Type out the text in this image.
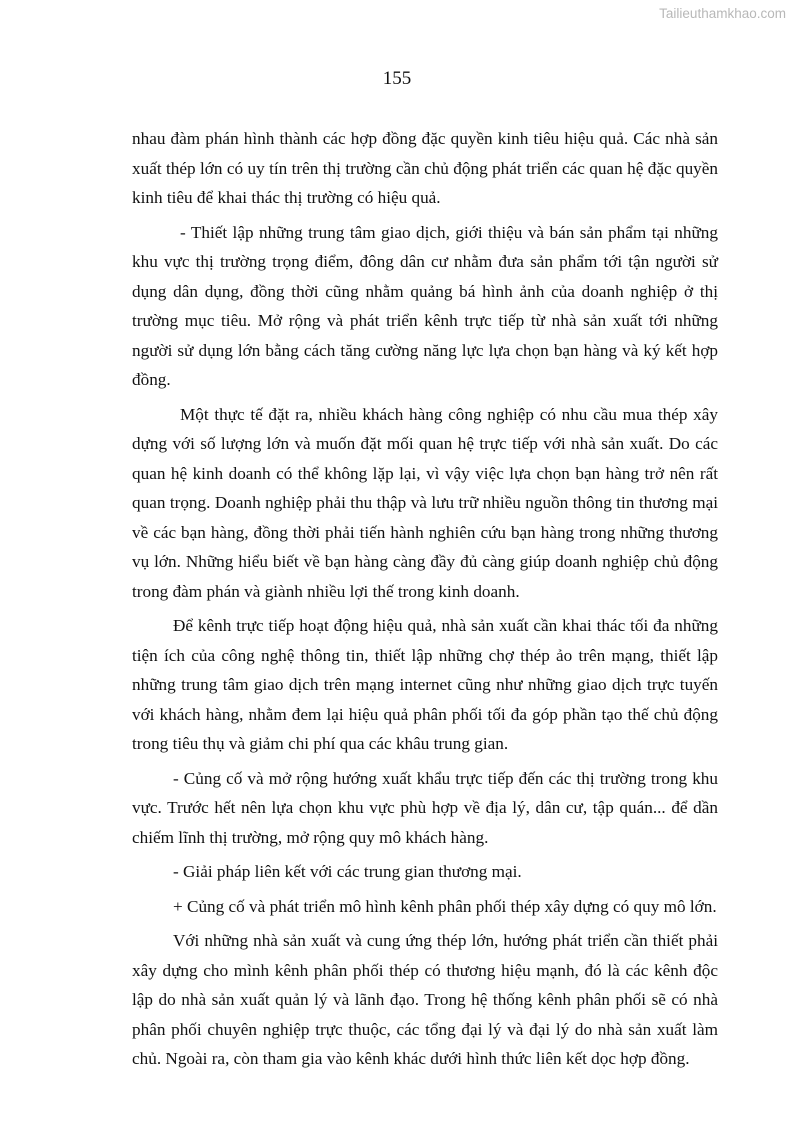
Tailieuthamkhao.com
155

nhau đàm phán hình thành các hợp đồng đặc quyền kinh tiêu hiệu quả. Các nhà sản xuất thép lớn có uy tín trên thị trường cần chủ động phát triển các quan hệ đặc quyền kinh tiêu để khai thác thị trường có hiệu quả.

- Thiết lập những trung tâm giao dịch, giới thiệu và bán sản phẩm tại những khu vực thị trường trọng điểm, đông dân cư nhằm đưa sản phẩm tới tận người sử dụng dân dụng, đồng thời cũng nhằm quảng bá hình ảnh của doanh nghiệp ở thị trường mục tiêu. Mở rộng và phát triển kênh trực tiếp từ nhà sản xuất tới những người sử dụng lớn bằng cách tăng cường năng lực lựa chọn bạn hàng và ký kết hợp đồng.

Một thực tế đặt ra, nhiều khách hàng công nghiệp có nhu cầu mua thép xây dựng với số lượng lớn và muốn đặt mối quan hệ trực tiếp với nhà sản xuất. Do các quan hệ kinh doanh có thể không lặp lại, vì vậy việc lựa chọn bạn hàng trở nên rất quan trọng. Doanh nghiệp phải thu thập và lưu trữ nhiều nguồn thông tin thương mại về các bạn hàng, đồng thời phải tiến hành nghiên cứu bạn hàng trong những thương vụ lớn. Những hiểu biết về bạn hàng càng đầy đủ càng giúp doanh nghiệp chủ động trong đàm phán và giành nhiều lợi thế trong kinh doanh.

Để kênh trực tiếp hoạt động hiệu quả, nhà sản xuất cần khai thác tối đa những tiện ích của công nghệ thông tin, thiết lập những chợ thép ảo trên mạng, thiết lập những trung tâm giao dịch trên mạng internet cũng như những giao dịch trực tuyến với khách hàng, nhằm đem lại hiệu quả phân phối tối đa góp phần tạo thế chủ động trong tiêu thụ và giảm chi phí qua các khâu trung gian.

- Củng cố và mở rộng hướng xuất khẩu trực tiếp đến các thị trường trong khu vực. Trước hết nên lựa chọn khu vực phù hợp về địa lý, dân cư, tập quán... để dần chiếm lĩnh thị trường, mở rộng quy mô khách hàng.

- Giải pháp liên kết với các trung gian thương mại.

+ Củng cố và phát triển mô hình kênh phân phối thép xây dựng có quy mô lớn.

Với những nhà sản xuất và cung ứng thép lớn, hướng phát triển cần thiết phải xây dựng cho mình kênh phân phối thép có thương hiệu mạnh, đó là các kênh độc lập do nhà sản xuất quản lý và lãnh đạo. Trong hệ thống kênh phân phối sẽ có nhà phân phối chuyên nghiệp trực thuộc, các tổng đại lý và đại lý do nhà sản xuất làm chủ. Ngoài ra, còn tham gia vào kênh khác dưới hình thức liên kết dọc hợp đồng.
